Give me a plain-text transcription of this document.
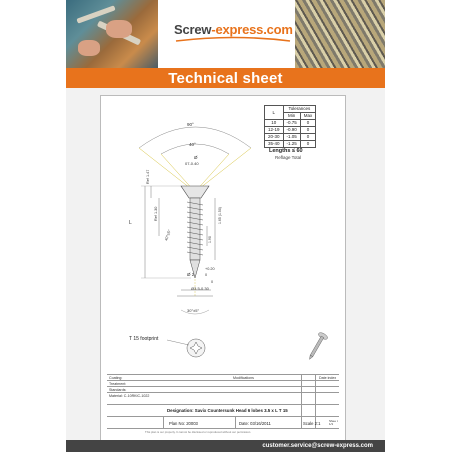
Screw-express.com
Technical sheet
90°
40°
Ø
07-0.40
Ref 1.47
Ref 1.30
L
40°±5°
1.65 (1.50)
1.90
+0.20
Ø 2	0
0
Ø3.5-0.30
30°±5°
L	Tolerances	
	Min	Max
10	-0.75	0
12-19	-0.90	0
20-30	-1.05	0
35-40	-1.25	0
Lengths ≤ 60
Reflage Total
T 15 footprint
Coating:	Modifications	Date index
Treatment:
Standards:
Material: C-10RKIC-1022
Designation: Savix Countersunk Head 6 lobes 3.5 x L T 15
Plan No: 20003	Date: 03/16/2011	Scale 2:1	Shee t 1/1
This plan is our property. It cannot be disclosed or reproduced without our permission.
customer.service@screw-express.com
